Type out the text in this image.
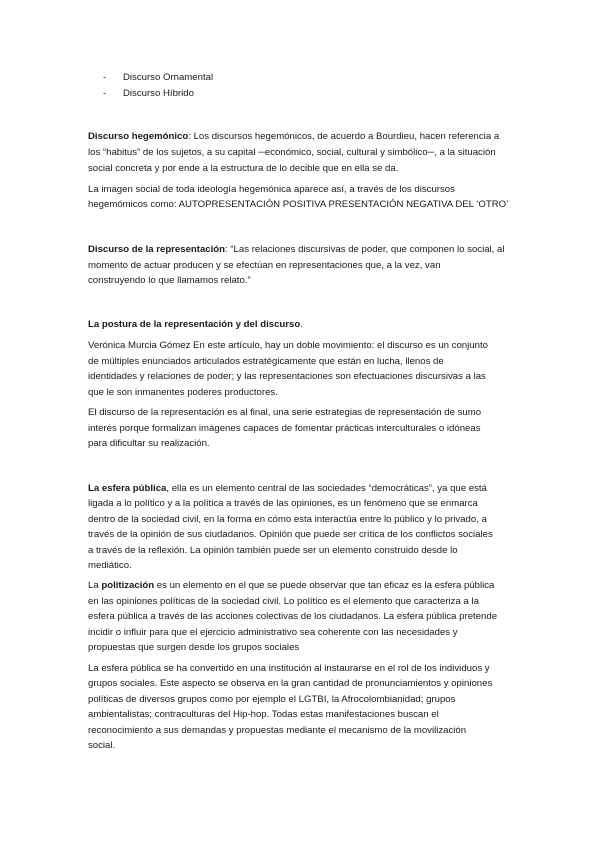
- Discurso Ornamental
- Discurso Híbrido
Discurso hegemónico: Los discursos hegemónicos, de acuerdo a Bourdieu, hacen referencia a
los “habitus” de los sujetos, a su capital ─económico, social, cultural y simbólico─, a la situación
social concreta y por ende a la estructura de lo decible que en ella se da.
La imagen social de toda ideología hegemónica aparece así, a través de los discursos
hegemómicos como: AUTOPRESENTACIÓN POSITIVA PRESENTACIÓN NEGATIVA DEL ‘OTRO’
Discurso de la representación: “Las relaciones discursivas de poder, que componen lo social, al
momento de actuar producen y se efectúan en representaciones que, a la vez, van
construyendo lo que llamamos relato.”
La postura de la representación y del discurso.
Verónica Murcia Gómez En este artículo, hay un doble movimiento: el discurso es un conjunto
de múltiples enunciados articulados estratégicamente que están en lucha, llenos de
identidades y relaciones de poder; y las representaciones son efectuaciones discursivas a las
que le son inmanentes poderes productores.
El discurso de la representación es al final, una serie estrategias de representación de sumo
interés porque formalizan imágenes capaces de fomentar prácticas interculturales o idóneas
para dificultar su realización.
La esfera pública, ella es un elemento central de las sociedades “democráticas”, ya que está
ligada a lo político y a la política a través de las opiniones, es un fenómeno que se enmarca
dentro de la sociedad civil, en la forma en cómo esta interactúa entre lo público y lo privado, a
través de la opinión de sus ciudadanos. Opinión que puede ser crítica de los conflictos sociales
a través de la reflexión. La opinión también puede ser un elemento construido desde lo
mediático.
La politización es un elemento en el que se puede observar que tan eficaz es la esfera pública
en las opiniones políticas de la sociedad civil. Lo político es el elemento que caracteriza a la
esfera pública a través de las acciones colectivas de los ciudadanos. La esfera pública pretende
incidir o influir para que el ejercicio administrativo sea coherente con las necesidades y
propuestas que surgen desde los grupos sociales
La esfera pública se ha convertido en una institución al instaurarse en el rol de los individuos y
grupos sociales. Este aspecto se observa en la gran cantidad de pronunciamientos y opiniones
políticas de diversos grupos como por ejemplo el LGTBI, la Afrocolombianidad; grupos
ambientalistas; contraculturas del Hip-hop. Todas estas manifestaciones buscan el
reconocimiento a sus demandas y propuestas mediante el mecanismo de la movilización
social.
